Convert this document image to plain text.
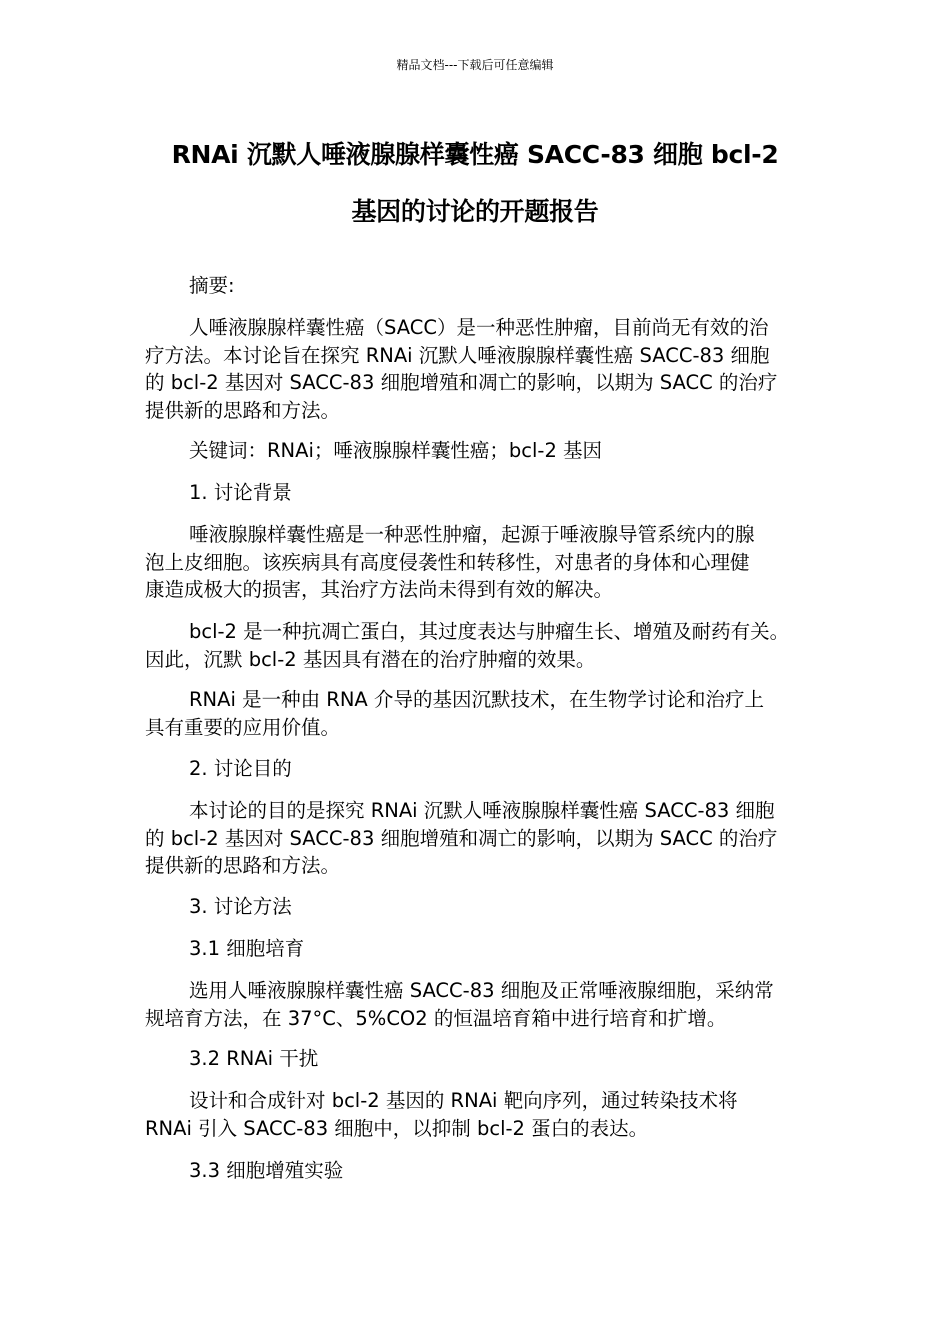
精品文档---下载后可任意编辑
RNAi 沉默人唾液腺腺样囊性癌 SACC-83 细胞 bcl-2
基因的讨论的开题报告

摘要:

人唾液腺腺样囊性癌（SACC）是一种恶性肿瘤，目前尚无有效的治
疗方法。本讨论旨在探究 RNAi 沉默人唾液腺腺样囊性癌 SACC-83 细胞
的 bcl-2 基因对 SACC-83 细胞增殖和凋亡的影响，以期为 SACC 的治疗
提供新的思路和方法。

关键词：RNAi；唾液腺腺样囊性癌；bcl-2 基因

1. 讨论背景

唾液腺腺样囊性癌是一种恶性肿瘤，起源于唾液腺导管系统内的腺
泡上皮细胞。该疾病具有高度侵袭性和转移性，对患者的身体和心理健
康造成极大的损害，其治疗方法尚未得到有效的解决。

bcl-2 是一种抗凋亡蛋白，其过度表达与肿瘤生长、增殖及耐药有关。
因此，沉默 bcl-2 基因具有潜在的治疗肿瘤的效果。

RNAi 是一种由 RNA 介导的基因沉默技术，在生物学讨论和治疗上
具有重要的应用价值。

2. 讨论目的

本讨论的目的是探究 RNAi 沉默人唾液腺腺样囊性癌 SACC-83 细胞
的 bcl-2 基因对 SACC-83 细胞增殖和凋亡的影响，以期为 SACC 的治疗
提供新的思路和方法。

3. 讨论方法

3.1 细胞培育

选用人唾液腺腺样囊性癌 SACC-83 细胞及正常唾液腺细胞，采纳常
规培育方法，在 37°C、5%CO2 的恒温培育箱中进行培育和扩增。

3.2 RNAi 干扰

设计和合成针对 bcl-2 基因的 RNAi 靶向序列，通过转染技术将
RNAi 引入 SACC-83 细胞中，以抑制 bcl-2 蛋白的表达。

3.3 细胞增殖实验
